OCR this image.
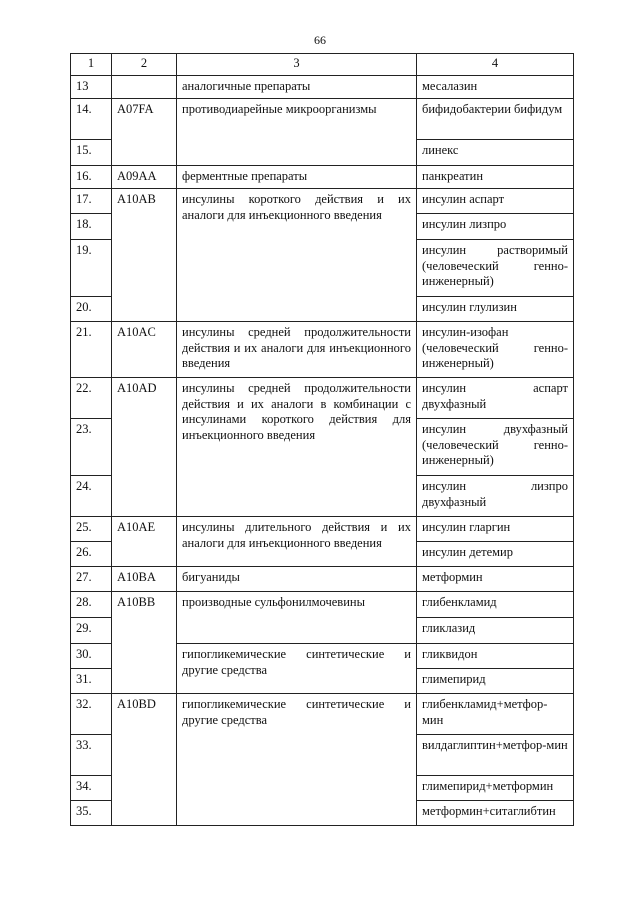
66
1	2	3	4
13		аналогичные препараты	месалазин
14.	A07FA	противодиарейные микроорганизмы	бифидобактерии бифидум
15.			линекс
16.	A09AA	ферментные препараты	панкреатин
17.	A10AB	инсулины короткого действия и их аналоги для инъекционного введения	инсулин аспарт
18.			инсулин лизпро
19.			инсулин растворимый (человеческий генно-инженерный)
20.			инсулин глулизин
21.	A10AC	инсулины средней продолжительности действия и их аналоги для инъекционного введения	инсулин-изофан (человеческий генно-инженерный)
22.	A10AD	инсулины средней продолжительности действия и их аналоги в комбинации с инсулинами короткого действия для инъекционного введения	инсулин аспарт двухфазный
23.			инсулин двухфазный (человеческий генно-инженерный)
24.			инсулин лизпро двухфазный
25.	A10AE	инсулины длительного действия и их аналоги для инъекционного введения	инсулин гларгин
26.			инсулин детемир
27.	A10BA	бигуаниды	метформин
28.	A10BB	производные сульфонилмочевины	глибенкламид
29.			гликлазид
30.		гипогликемические синтетические и другие средства	гликвидон
31.			глимепирид
32.	A10BD	гипогликемические синтетические и другие средства	глибенкламид+метфор-мин
33.			вилдаглиптин+метфор-мин
34.			глимепирид+метформин
35.			метформин+ситаглибтин
